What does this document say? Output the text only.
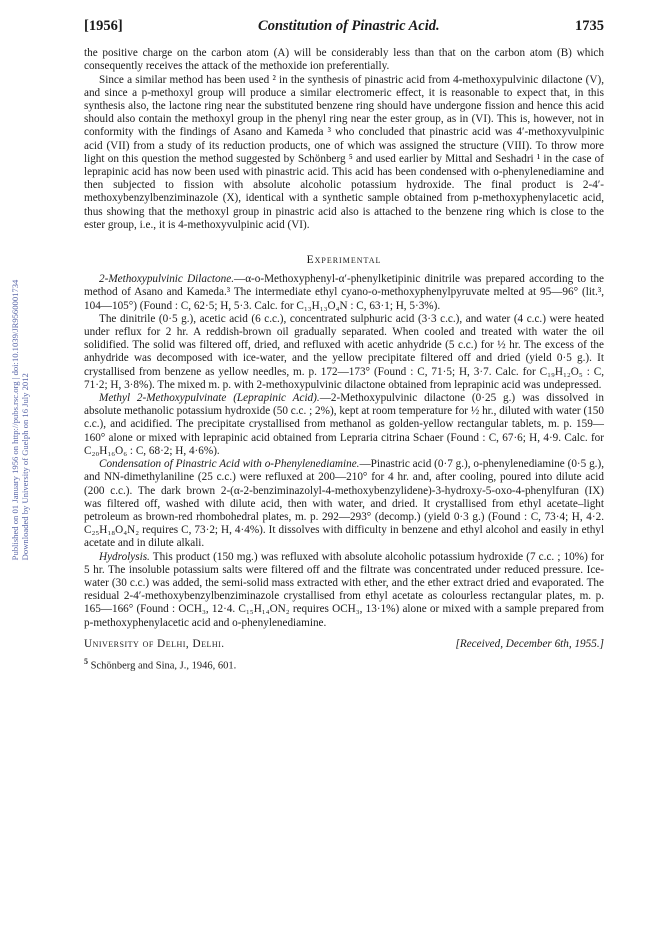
Published on 01 January 1956 on http://pubs.rsc.org | doi:10.1039/JR9560001734 Downloaded by University of Guelph on 16 July 2012
[1956]	Constitution of Pinastric Acid.	1735

the positive charge on the carbon atom (A) will be considerably less than that on the carbon atom (B) which consequently receives the attack of the methoxide ion preferentially.

Since a similar method has been used ² in the synthesis of pinastric acid from 4-methoxypulvinic dilactone (V), and since a p-methoxyl group will produce a similar electromeric effect, it is reasonable to expect that, in this synthesis also, the lactone ring near the substituted benzene ring should have undergone fission and hence this acid should also contain the methoxyl group in the phenyl ring near the ester group, as in (VI). This is, however, not in conformity with the findings of Asano and Kameda ³ who concluded that pinastric acid was 4′-methoxyvulpinic acid (VII) from a study of its reduction products, one of which was assigned the structure (VIII). To throw more light on this question the method suggested by Schönberg ⁵ and used earlier by Mittal and Seshadri ¹ in the case of leprapinic acid has now been used with pinastric acid. This acid has been condensed with o-phenylenediamine and then subjected to fission with absolute alcoholic potassium hydroxide. The final product is 2-4′-methoxybenzylbenziminazole (X), identical with a synthetic sample obtained from p-methoxyphenylacetic acid, thus showing that the methoxyl group in pinastric acid also is attached to the benzene ring which is close to the ester group, i.e., it is 4-methoxyvulpinic acid (VI).

Experimental

2-Methoxypulvinic Dilactone.—α-o-Methoxyphenyl-α′-phenylketipinic dinitrile was prepared according to the method of Asano and Kameda.³ The intermediate ethyl cyano-o-methoxyphenylpyruvate melted at 95—96° (lit.³, 104—105°) (Found : C, 62·5; H, 5·3. Calc. for C₁₃H₁₃O₄N : C, 63·1; H, 5·3%).

The dinitrile (0·5 g.), acetic acid (6 c.c.), concentrated sulphuric acid (3·3 c.c.), and water (4 c.c.) were heated under reflux for 2 hr. A reddish-brown oil gradually separated. When cooled and treated with water the oil solidified. The solid was filtered off, dried, and refluxed with acetic anhydride (5 c.c.) for ½ hr. The excess of the anhydride was decomposed with ice-water, and the yellow precipitate filtered off and dried (yield 0·5 g.). It crystallised from benzene as yellow needles, m. p. 172—173° (Found : C, 71·5; H, 3·7. Calc. for C₁₉H₁₂O₅ : C, 71·2; H, 3·8%). The mixed m. p. with 2-methoxypulvinic dilactone obtained from leprapinic acid was undepressed.

Methyl 2-Methoxypulvinate (Leprapinic Acid).—2-Methoxypulvinic dilactone (0·25 g.) was dissolved in absolute methanolic potassium hydroxide (50 c.c. ; 2%), kept at room temperature for ½ hr., diluted with water (150 c.c.), and acidified. The precipitate crystallised from methanol as golden-yellow rectangular tablets, m. p. 159—160° alone or mixed with leprapinic acid obtained from Lepraria citrina Schaer (Found : C, 67·6; H, 4·9. Calc. for C₂₀H₁₆O₆ : C, 68·2; H, 4·6%).

Condensation of Pinastric Acid with o-Phenylenediamine.—Pinastric acid (0·7 g.), o-phenylenediamine (0·5 g.), and NN-dimethylaniline (25 c.c.) were refluxed at 200—210° for 4 hr. and, after cooling, poured into dilute acid (200 c.c.). The dark brown 2-(α-2-benziminazolyl-4-methoxybenzylidene)-3-hydroxy-5-oxo-4-phenylfuran (IX) was filtered off, washed with dilute acid, then with water, and dried. It crystallised from ethyl acetate–light petroleum as brown-red rhombohedral plates, m. p. 292—293° (decomp.) (yield 0·3 g.) (Found : C, 73·4; H, 4·2. C₂₅H₁₈O₄N₂ requires C, 73·2; H, 4·4%). It dissolves with difficulty in benzene and ethyl alcohol and easily in ethyl acetate and in dilute alkali.

Hydrolysis. This product (150 mg.) was refluxed with absolute alcoholic potassium hydroxide (7 c.c. ; 10%) for 5 hr. The insoluble potassium salts were filtered off and the filtrate was concentrated under reduced pressure. Ice-water (30 c.c.) was added, the semi-solid mass extracted with ether, and the ether extract dried and evaporated. The residual 2-4′-methoxybenzylbenziminazole crystallised from ethyl acetate as colourless rectangular plates, m. p. 165—166° (Found : OCH₃, 12·4. C₁₅H₁₄ON₂ requires OCH₃, 13·1%) alone or mixed with a sample prepared from p-methoxyphenylacetic acid and o-phenylenediamine.

University of Delhi, Delhi.	[Received, December 6th, 1955.]
$^5$ Schönberg and Sina, J., 1946, 601.
